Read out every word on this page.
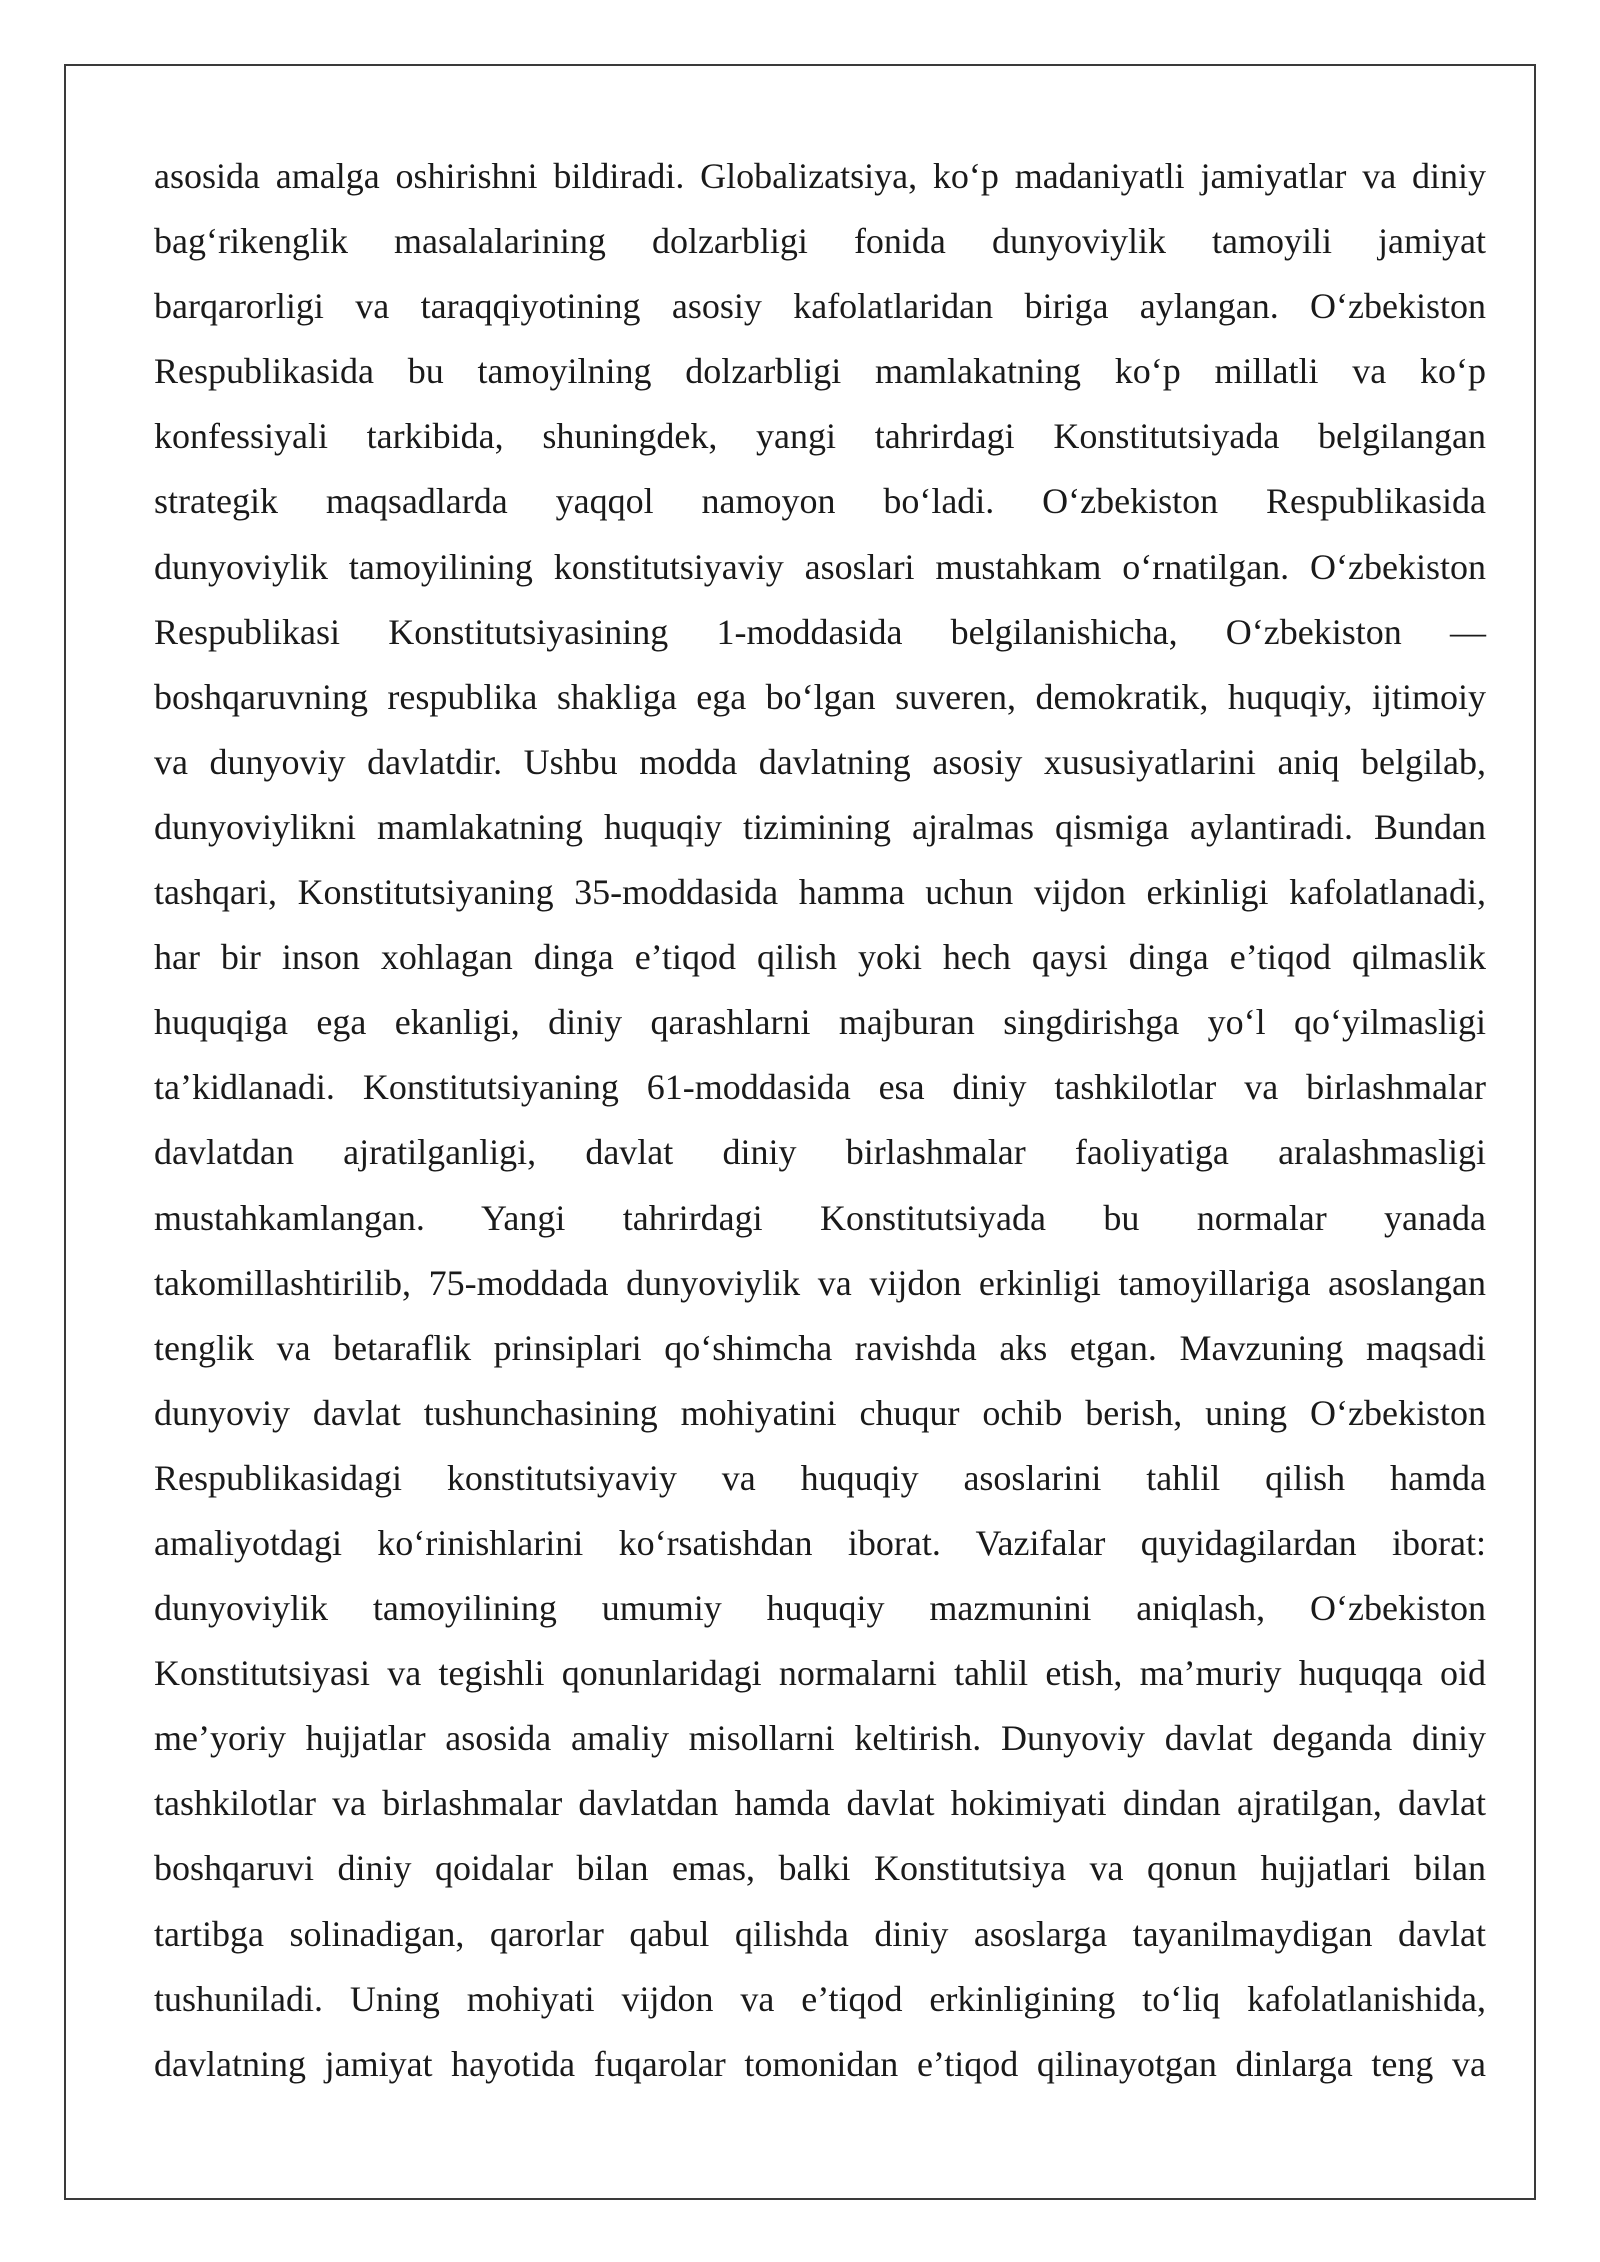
asosida amalga oshirishni bildiradi. Globalizatsiya, ko‘p madaniyatli jamiyatlar va diniy
bag‘rikenglik masalalarining dolzarbligi fonida dunyoviylik tamoyili jamiyat
barqarorligi va taraqqiyotining asosiy kafolatlaridan biriga aylangan. O‘zbekiston
Respublikasida bu tamoyilning dolzarbligi mamlakatning ko‘p millatli va ko‘p
konfessiyali tarkibida, shuningdek, yangi tahrirdagi Konstitutsiyada belgilangan
strategik maqsadlarda yaqqol namoyon bo‘ladi. O‘zbekiston Respublikasida
dunyoviylik tamoyilining konstitutsiyaviy asoslari mustahkam o‘rnatilgan. O‘zbekiston
Respublikasi Konstitutsiyasining 1-moddasida belgilanishicha, O‘zbekiston —
boshqaruvning respublika shakliga ega bo‘lgan suveren, demokratik, huquqiy, ijtimoiy
va dunyoviy davlatdir. Ushbu modda davlatning asosiy xususiyatlarini aniq belgilab,
dunyoviylikni mamlakatning huquqiy tizimining ajralmas qismiga aylantiradi. Bundan
tashqari, Konstitutsiyaning 35-moddasida hamma uchun vijdon erkinligi kafolatlanadi,
har bir inson xohlagan dinga e’tiqod qilish yoki hech qaysi dinga e’tiqod qilmaslik
huquqiga ega ekanligi, diniy qarashlarni majburan singdirishga yo‘l qo‘yilmasligi
ta’kidlanadi. Konstitutsiyaning 61-moddasida esa diniy tashkilotlar va birlashmalar
davlatdan ajratilganligi, davlat diniy birlashmalar faoliyatiga aralashmasligi
mustahkamlangan. Yangi tahrirdagi Konstitutsiyada bu normalar yanada
takomillashtirilib, 75-moddada dunyoviylik va vijdon erkinligi tamoyillariga asoslangan
tenglik va betaraflik prinsiplari qo‘shimcha ravishda aks etgan. Mavzuning maqsadi
dunyoviy davlat tushunchasining mohiyatini chuqur ochib berish, uning O‘zbekiston
Respublikasidagi konstitutsiyaviy va huquqiy asoslarini tahlil qilish hamda
amaliyotdagi ko‘rinishlarini ko‘rsatishdan iborat. Vazifalar quyidagilardan iborat:
dunyoviylik tamoyilining umumiy huquqiy mazmunini aniqlash, O‘zbekiston
Konstitutsiyasi va tegishli qonunlaridagi normalarni tahlil etish, ma’muriy huquqqa oid
me’yoriy hujjatlar asosida amaliy misollarni keltirish. Dunyoviy davlat deganda diniy
tashkilotlar va birlashmalar davlatdan hamda davlat hokimiyati dindan ajratilgan, davlat
boshqaruvi diniy qoidalar bilan emas, balki Konstitutsiya va qonun hujjatlari bilan
tartibga solinadigan, qarorlar qabul qilishda diniy asoslarga tayanilmaydigan davlat
tushuniladi. Uning mohiyati vijdon va e’tiqod erkinligining to‘liq kafolatlanishida,
davlatning jamiyat hayotida fuqarolar tomonidan e’tiqod qilinayotgan dinlarga teng va
